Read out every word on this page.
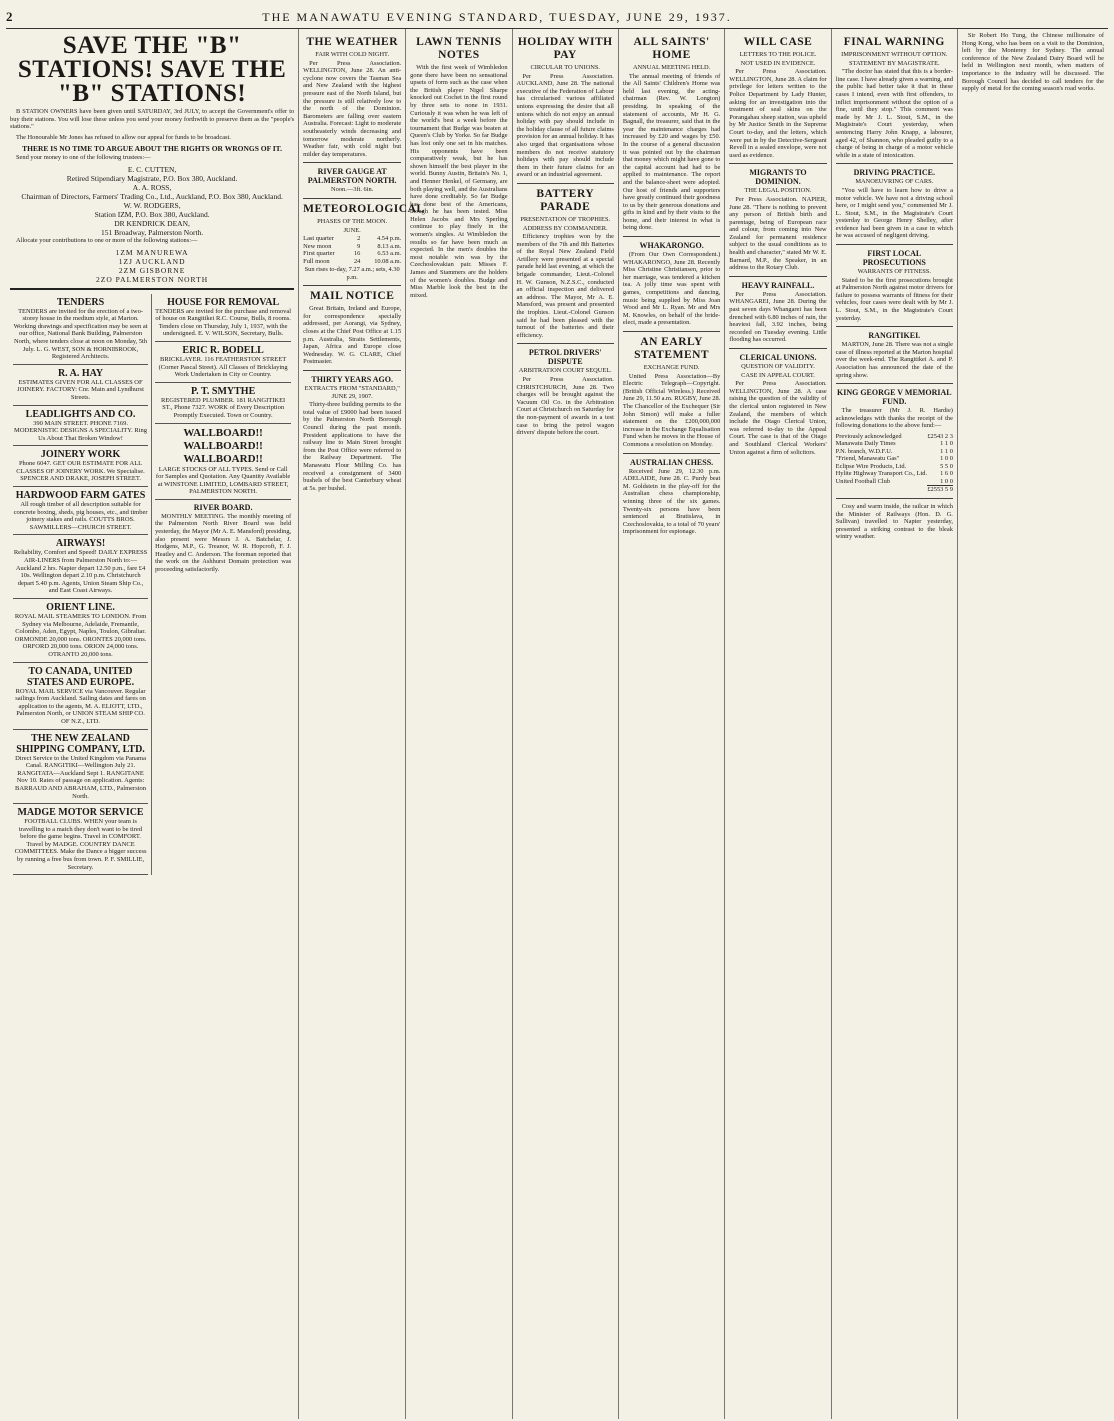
2	THE MANAWATU EVENING STANDARD, TUESDAY, JUNE 29, 1937.
SAVE THE "B" STATIONS! SAVE THE "B" STATIONS!

B STATION OWNERS have been given until SATURDAY, 3rd JULY, to accept the Government's offer to buy their stations. You will lose these unless you send your money forthwith to preserve them as the "people's stations."

The Honourable Mr Jones has refused to allow our appeal for funds to be broadcast.

THERE IS NO TIME TO ARGUE ABOUT THE RIGHTS OR WRONGS OF IT.

Send your money to one of the following trustees:—

E. C. CUTTEN,
Retired Stipendiary Magistrate, P.O. Box 380, Auckland.
A. A. ROSS,
Chairman of Directors, Farmers' Trading Co., Ltd., Auckland, P.O. Box 380, Auckland.
W. W. RODGERS,
Station IZM, P.O. Box 380, Auckland.
DR KENDRICK DEAN,
151 Broadway, Palmerston North.

Allocate your contributions to one or more of the following stations:—

1ZM MANUREWA
1ZJ AUCKLAND
2ZM GISBORNE
2ZO PALMERSTON NORTH
TENDERS
TENDERS are invited for the erection of a two-storey house in the medium style, at Marton. Working drawings and specification may be seen at our office, National Bank Building, Palmerston North, where tenders close at noon on Monday, 5th July. L. G. WEST, SON & HORNIBROOK, Registered Architects.
R. A. HAY
ESTIMATES GIVEN FOR ALL CLASSES OF JOINERY. FACTORY: Cnr. Main and Lyndhurst Streets.
LEADLIGHTS AND CO.
390 MAIN STREET. PHONE 7169. MODERNISTIC DESIGNS A SPECIALITY. Ring Us About That Broken Window!
JOINERY WORK
Phone 6047. GET OUR ESTIMATE FOR ALL CLASSES OF JOINERY WORK. We Specialise. SPENCER AND DRAKE, JOSEPH STREET.
HARDWOOD FARM GATES
All rough timber of all description suitable for concrete boxing, sheds, pig houses, etc., and timber joinery stakes and rails. COUTTS BROS. SAWMILLERS—CHURCH STREET.
AIRWAYS!
Reliability, Comfort and Speed! DAILY EXPRESS AIR-LINERS from Palmerston North to:—Auckland 2 hrs. Napier depart 12.50 p.m., fare £4 10s. Wellington depart 2.10 p.m. Christchurch depart 5.40 p.m. Agents, Union Steam Ship Co., and East Coast Airways.
ORIENT LINE.
ROYAL MAIL STEAMERS TO LONDON. From Sydney via Melbourne, Adelaide, Fremantle, Colombo, Aden, Egypt, Naples, Toulon, Gibraltar. ORMONDE 20,000 tons. ORONTES 20,000 tons. ORFORD 20,000 tons. ORION 24,000 tons. OTRANTO 20,000 tons.
TO CANADA, UNITED STATES AND EUROPE.
ROYAL MAIL SERVICE via Vancouver. Regular sailings from Auckland. Sailing dates and fares on application to the agents, M. A. ELIOTT, LTD., Palmerston North, or UNION STEAM SHIP CO. OF N.Z., LTD.
THE NEW ZEALAND SHIPPING COMPANY, LTD.
Direct Service to the United Kingdom via Panama Canal. RANGITIKI—Wellington July 21. RANGITATA—Auckland Sept 1. RANGITANE Nov 10. Rates of passage on application. Agents: BARRAUD AND ABRAHAM, LTD., Palmerston North.
MADGE MOTOR SERVICE
FOOTBALL CLUBS. WHEN your team is travelling to a match they don't want to be tired before the game begins. Travel in COMFORT. Travel by MADGE. COUNTRY DANCE COMMITTEES. Make the Dance a bigger success by running a free bus from town. P. F. SMILLIE, Secretary.
HOUSE FOR REMOVAL
TENDERS are invited for the purchase and removal of house on Rangitikei R.C. Course, Bulls, 8 rooms. Tenders close on Thursday, July 1, 1937, with the undersigned. E. V. WILSON, Secretary, Bulls.
ERIC R. BODELL
BRICKLAYER. 116 FEATHERSTON STREET (Corner Pascal Street). All Classes of Bricklaying Work Undertaken in City or Country.
P. T. SMYTHE
REGISTERED PLUMBER. 181 RANGITIKEI ST., Phone 7327. WORK of Every Description Promptly Executed. Town or Country.
WALLBOARD!! WALLBOARD!! WALLBOARD!!
LARGE STOCKS OF ALL TYPES. Send or Call for Samples and Quotation. Any Quantity Available at WINSTONE LIMITED, LOMBARD STREET, PALMERSTON NORTH.
RIVER BOARD.

MONTHLY MEETING. The monthly meeting of the Palmerston North River Board was held yesterday, the Mayor (Mr A. E. Mansford) presiding, also present were Messrs J. A. Batchelar, J. Hodgens, M.P., G. Treanor, W. R. Hopcroft, F. J. Heatley and C. Anderson. The foreman reported that the work on the Ashhurst Domain protection was proceeding satisfactorily.

THE WEATHER
FAIR WITH COLD NIGHT.

Per Press Association. WELLINGTON, June 28. An anti-cyclone now covers the Tasman Sea and New Zealand with the highest pressure east of the North Island, but the pressure is still relatively low to the north of the Dominion. Barometers are falling over eastern Australia. Forecast: Light to moderate southeasterly winds decreasing and tomorrow moderate northerly. Weather fair, with cold night but milder day temperatures.

RIVER GAUGE AT PALMERSTON NORTH.
Noon.—3ft. 6in.
METEOROLOGICAL
PHASES OF THE MOON.
JUNE.
Last quarter	2	4.54 p.m.
New moon	9	8.13 a.m.
First quarter	16	6.53 a.m.
Full moon	24	10.08 a.m.
Sun rises to-day, 7.27 a.m.; sets, 4.30 p.m.
MAIL NOTICE

Great Britain, Ireland and Europe, for correspondence specially addressed, per Aorangi, via Sydney, closes at the Chief Post Office at 1.15 p.m. Australia, Straits Settlements, Japan, Africa and Europe close Wednesday. W. G. CLARE, Chief Postmaster.

THIRTY YEARS AGO.
EXTRACTS FROM "STANDARD," JUNE 29, 1907.

Thirty-three building permits to the total value of £9000 had been issued by the Palmerston North Borough Council during the past month. President applications to have the railway line to Main Street brought from the Post Office were referred to the Railway Department. The Manawatu Flour Milling Co. has received a consignment of 3400 bushels of the best Canterbury wheat at 5s. per bushel.

LAWN TENNIS NOTES

With the first week of Wimbledon gone there have been no sensational upsets of form such as the case when the British player Nigel Sharpe knocked out Cochet in the first round by three sets to none in 1931. Curiously it was when he was left of the world's best a week before the tournament that Budge was beaten at Queen's Club by Yorke. So far Budge has lost only one set in his matches. His opponents have been comparatively weak, but he has shown himself the best player in the world. Bunny Austin, Britain's No. 1, and Henner Henkel, of Germany, are both playing well, and the Australians have done creditably. So far Budge has done best of the Americans, though he has been tested. Miss Helen Jacobs and Mrs Sperling continue to play finely in the women's singles. At Wimbledon the results so far have been much as expected. In the men's doubles the most notable win was by the Czechoslovakian pair. Misses F. James and Stammers are the holders of the women's doubles. Budge and Miss Marble look the best in the mixed.

HOLIDAY WITH PAY
CIRCULAR TO UNIONS.

Per Press Association. AUCKLAND, June 28. The national executive of the Federation of Labour has circularised various affiliated unions expressing the desire that all unions which do not enjoy an annual holiday with pay should include in the holiday clause of all future claims provision for an annual holiday. It has also urged that organisations whose members do not receive statutory holidays with pay should include them in their future claims for an award or an industrial agreement.

BATTERY PARADE
PRESENTATION OF TROPHIES.
ADDRESS BY COMMANDER.

Efficiency trophies won by the members of the 7th and 8th Batteries of the Royal New Zealand Field Artillery were presented at a special parade held last evening, at which the brigade commander, Lieut.-Colonel H. W. Gunson, N.Z.S.C., conducted an official inspection and delivered an address. The Mayor, Mr A. E. Mansford, was present and presented the trophies. Lieut.-Colonel Gunson said he had been pleased with the turnout of the batteries and their efficiency.

PETROL DRIVERS' DISPUTE
ARBITRATION COURT SEQUEL.

Per Press Association. CHRISTCHURCH, June 28. Two charges will be brought against the Vacuum Oil Co. in the Arbitration Court at Christchurch on Saturday for the non-payment of awards in a test case to bring the petrol wagon drivers' dispute before the court.

ALL SAINTS' HOME
ANNUAL MEETING HELD.

The annual meeting of friends of the All Saints' Children's Home was held last evening, the acting-chairman (Rev. W. Longton) presiding. In speaking of the statement of accounts, Mr H. G. Bagnall, the treasurer, said that in the year the maintenance charges had increased by £20 and wages by £50. In the course of a general discussion it was pointed out by the chairman that money which might have gone to the capital account had had to be applied to maintenance. The report and the balance-sheet were adopted. Our host of friends and supporters have greatly continued their goodness to us by their generous donations and gifts in kind and by their visits to the home, and their interest in what is being done.

WHAKARONGO.

(From Our Own Correspondent.) WHAKARONGO, June 28. Recently Miss Christine Christiansen, prior to her marriage, was tendered a kitchen tea. A jolly time was spent with games, competitions and dancing, music being supplied by Miss Joan Wood and Mr L. Ryan. Mr and Mrs M. Knowles, on behalf of the bride-elect, made a presentation.

AN EARLY STATEMENT
EXCHANGE FUND.

United Press Association—By Electric Telegraph—Copyright. (British Official Wireless.) Received June 29, 11.50 a.m. RUGBY, June 28. The Chancellor of the Exchequer (Sir John Simon) will make a fuller statement on the £200,000,000 increase in the Exchange Equalisation Fund when he moves in the House of Commons a resolution on Monday.

AUSTRALIAN CHESS.

Received June 29, 12.30 p.m. ADELAIDE, June 28. C. Purdy beat M. Goldstein in the play-off for the Australian chess championship, winning three of the six games. Twenty-six persons have been sentenced at Bratislava, in Czechoslovakia, to a total of 70 years' imprisonment for espionage.

WILL CASE
LETTERS TO THE POLICE.
NOT USED IN EVIDENCE.

Per Press Association. WELLINGTON, June 28. A claim for privilege for letters written to the Police Department by Lady Hunter, asking for an investigation into the treatment of seal skins on the Porangahau sheep station, was upheld by Mr Justice Smith in the Supreme Court to-day, and the letters, which were put in by the Detective-Sergeant Revell in a sealed envelope, were not used as evidence.

MIGRANTS TO DOMINION.
THE LEGAL POSITION.

Per Press Association. NAPIER, June 28. "There is nothing to prevent any person of British birth and parentage, being of European race and colour, from coming into New Zealand for permanent residence subject to the usual conditions as to health and character," stated Mr W. E. Barnard, M.P., the Speaker, in an address to the Rotary Club.

HEAVY RAINFALL.

Per Press Association. WHANGAREI, June 28. During the past seven days Whangarei has been drenched with 6.80 inches of rain, the heaviest fall, 3.92 inches, being recorded on Tuesday evening. Little flooding has occurred.

CLERICAL UNIONS.
QUESTION OF VALIDITY.
CASE IN APPEAL COURT.

Per Press Association. WELLINGTON, June 28. A case raising the question of the validity of the clerical union registered in New Zealand, the members of which include the Otago Clerical Union, was referred to-day to the Appeal Court. The case is that of the Otago and Southland Clerical Workers' Union against a firm of solicitors.

FINAL WARNING
IMPRISONMENT WITHOUT OPTION.
STATEMENT BY MAGISTRATE.

"The doctor has stated that this is a border-line case. I have already given a warning, and the public had better take it that in these cases I intend, even with first offenders, to inflict imprisonment without the option of a fine, until they stop." This comment was made by Mr J. L. Stout, S.M., in the Magistrate's Court yesterday, when sentencing Harry John Knapp, a labourer, aged 42, of Shannon, who pleaded guilty to a charge of being in charge of a motor vehicle while in a state of intoxication.

DRIVING PRACTICE.
MANOEUVRING OF CARS.

"You will have to learn how to drive a motor vehicle. We have not a driving school here, or I might send you," commented Mr J. L. Stout, S.M., in the Magistrate's Court yesterday to George Henry Shelley, after evidence had been given in a case in which he was accused of negligent driving.

FIRST LOCAL PROSECUTIONS
WARRANTS OF FITNESS.

Stated to be the first prosecutions brought at Palmerston North against motor drivers for failure to possess warrants of fitness for their vehicles, four cases were dealt with by Mr J. L. Stout, S.M., in the Magistrate's Court yesterday.

RANGITIKEI.

MARTON, June 28. There was not a single case of illness reported at the Marton hospital over the week-end. The Rangitikei A. and P. Association has announced the date of the spring show.

KING GEORGE V MEMORIAL FUND.

The treasurer (Mr J. R. Hardie) acknowledges with thanks the receipt of the following donations to the above fund:—

Previously acknowledged	£2543 2 3
Manawatu Daily Times	1 1 0
P.N. branch, W.D.F.U.	1 1 0
"Friend, Manawatu Gas"	1 0 0
Eclipse Wire Products, Ltd.	5 5 0
Hylite Highway Transport Co., Ltd.	1 6 0
United Football Club	1 0 0
	£2553 5 9

Cosy and warm inside, the railcar in which the Minister of Railways (Hon. D. G. Sullivan) travelled to Napier yesterday, presented a striking contrast to the bleak wintry weather.

Sir Robert Ho Tung, the Chinese millionaire of Hong Kong, who has been on a visit to the Dominion, left by the Monterey for Sydney. The annual conference of the New Zealand Dairy Board will be held in Wellington next month, when matters of importance to the industry will be discussed. The Borough Council has decided to call tenders for the supply of metal for the coming season's road works.
